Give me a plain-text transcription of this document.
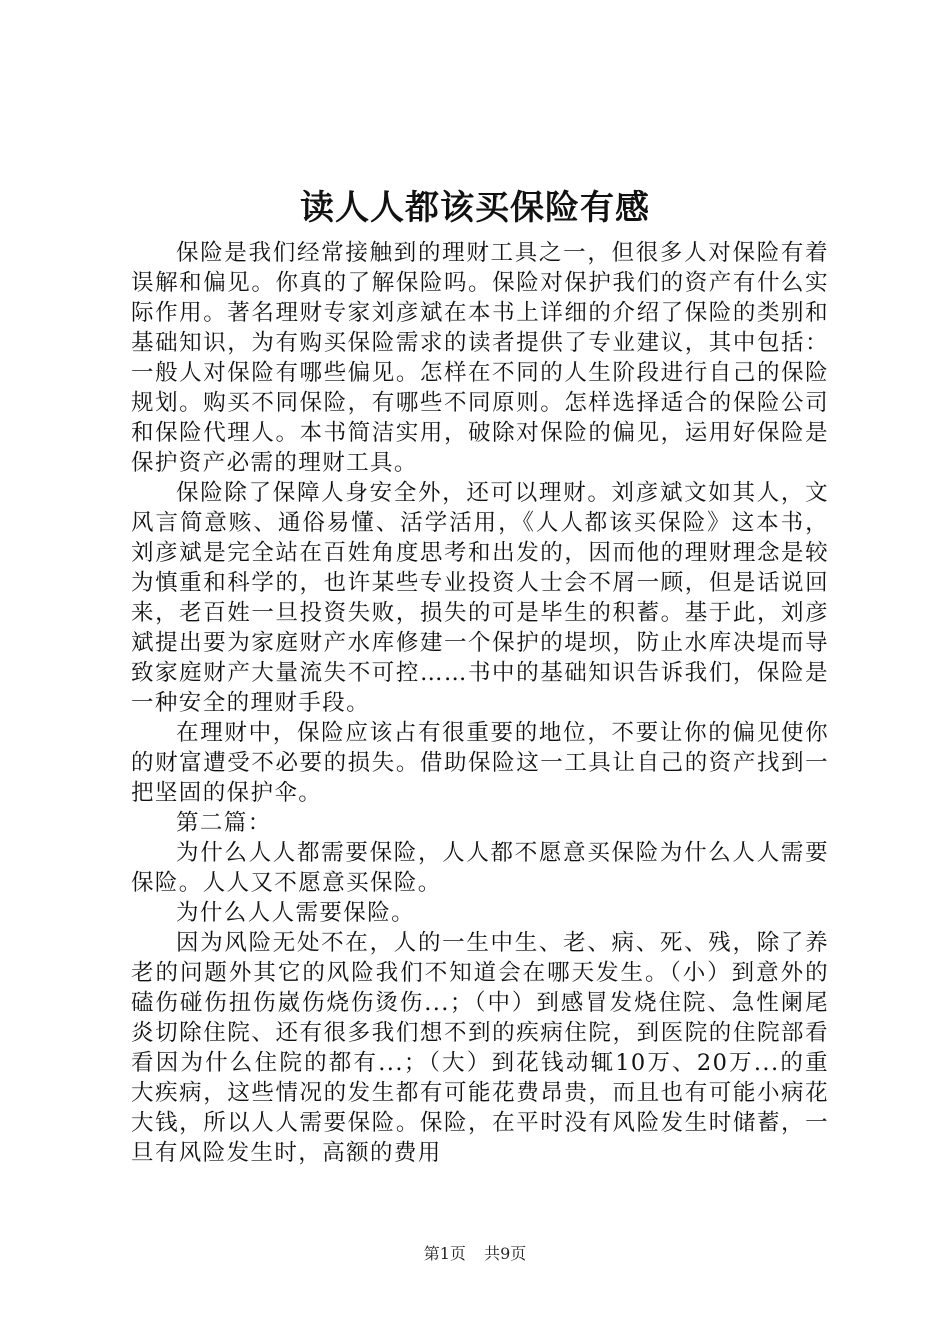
读人人都该买保险有感

保险是我们经常接触到的理财工具之一，但很多人对保险有着误解和偏见。你真的了解保险吗。保险对保护我们的资产有什么实际作用。著名理财专家刘彦斌在本书上详细的介绍了保险的类别和基础知识，为有购买保险需求的读者提供了专业建议，其中包括：一般人对保险有哪些偏见。怎样在不同的人生阶段进行自己的保险规划。购买不同保险，有哪些不同原则。怎样选择适合的保险公司和保险代理人。本书简洁实用，破除对保险的偏见，运用好保险是保护资产必需的理财工具。

保险除了保障人身安全外，还可以理财。刘彦斌文如其人，文风言简意赅、通俗易懂、活学活用，《人人都该买保险》这本书，刘彦斌是完全站在百姓角度思考和出发的，因而他的理财理念是较为慎重和科学的，也许某些专业投资人士会不屑一顾，但是话说回来，老百姓一旦投资失败，损失的可是毕生的积蓄。基于此，刘彦斌提出要为家庭财产水库修建一个保护的堤坝，防止水库决堤而导致家庭财产大量流失不可控……书中的基础知识告诉我们，保险是一种安全的理财手段。

在理财中，保险应该占有很重要的地位，不要让你的偏见使你的财富遭受不必要的损失。借助保险这一工具让自己的资产找到一把坚固的保护伞。

第二篇：

为什么人人都需要保险，人人都不愿意买保险为什么人人需要保险。人人又不愿意买保险。

为什么人人需要保险。

因为风险无处不在，人的一生中生、老、病、死、残，除了养老的问题外其它的风险我们不知道会在哪天发生。（小）到意外的磕伤碰伤扭伤崴伤烧伤烫伤...；（中）到感冒发烧住院、急性阑尾炎切除住院、还有很多我们想不到的疾病住院，到医院的住院部看看因为什么住院的都有...；（大）到花钱动辄10万、20万...的重大疾病，这些情况的发生都有可能花费昂贵，而且也有可能小病花大钱，所以人人需要保险。保险，在平时没有风险发生时储蓄，一旦有风险发生时，高额的费用

第1页 共9页
